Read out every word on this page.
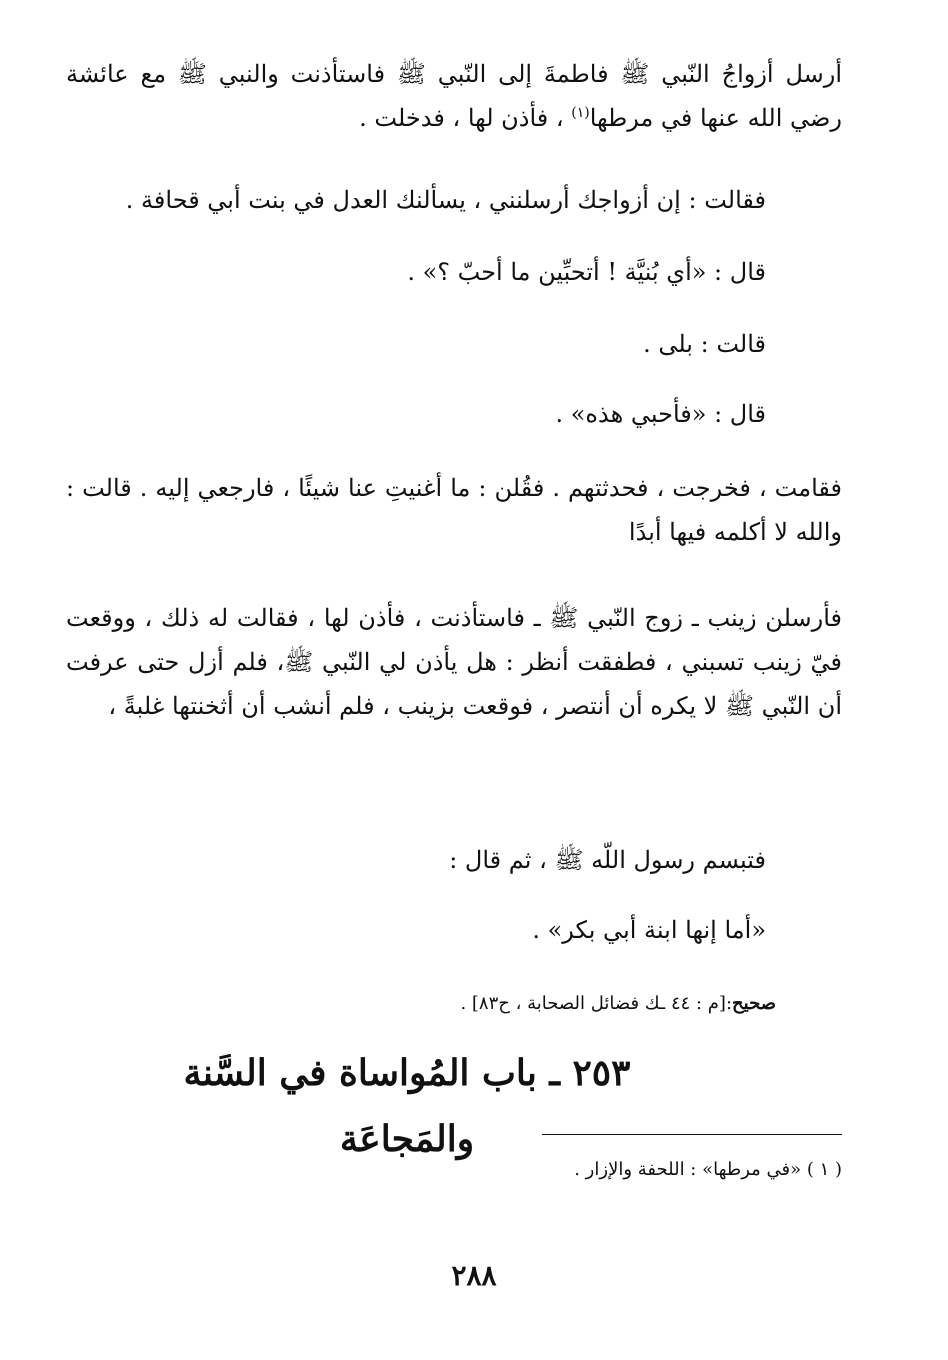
أرسل أزواجُ النّبي ﷺ فاطمةَ إلى النّبي ﷺ فاستأذنت والنبي ﷺ مع عائشة رضي الله عنها في مرطها$^{(١)}$ ، فأذن لها ، فدخلت .
فقالت : إن أزواجك أرسلنني ، يسألنك العدل في بنت أبي قحافة .
قال : «أي بُنيَّة ! أتحبِّين ما أحبّ ؟» .
قالت : بلى .
قال : «فأحبي هذه» .
فقامت ، فخرجت ، فحدثتهم . فقُلن : ما أغنيتِ عنا شيئًا ، فارجعي إليه . قالت : والله لا أكلمه فيها أبدًا
فأرسلن زينب ـ زوج النّبي ﷺ ـ فاستأذنت ، فأذن لها ، فقالت له ذلك ، ووقعت فيّ زينب تسبني ، فطفقت أنظر : هل يأذن لي النّبي ﷺ، فلم أزل حتى عرفت أن النّبي ﷺ لا يكره أن أنتصر ، فوقعت بزينب ، فلم أنشب أن أثخنتها غلبةً ،
فتبسم رسول اللّه ﷺ ، ثم قال :
«أما إنها ابنة أبي بكر» .
صحيح:[م : ٤٤ ـك فضائل الصحابة ، ح٨٣] .
٢٥٣ ـ باب المُواساة في السَّنة والمَجاعَة
( ١ ) «في مرطها» : اللحفة والإزار .
٢٨٨
